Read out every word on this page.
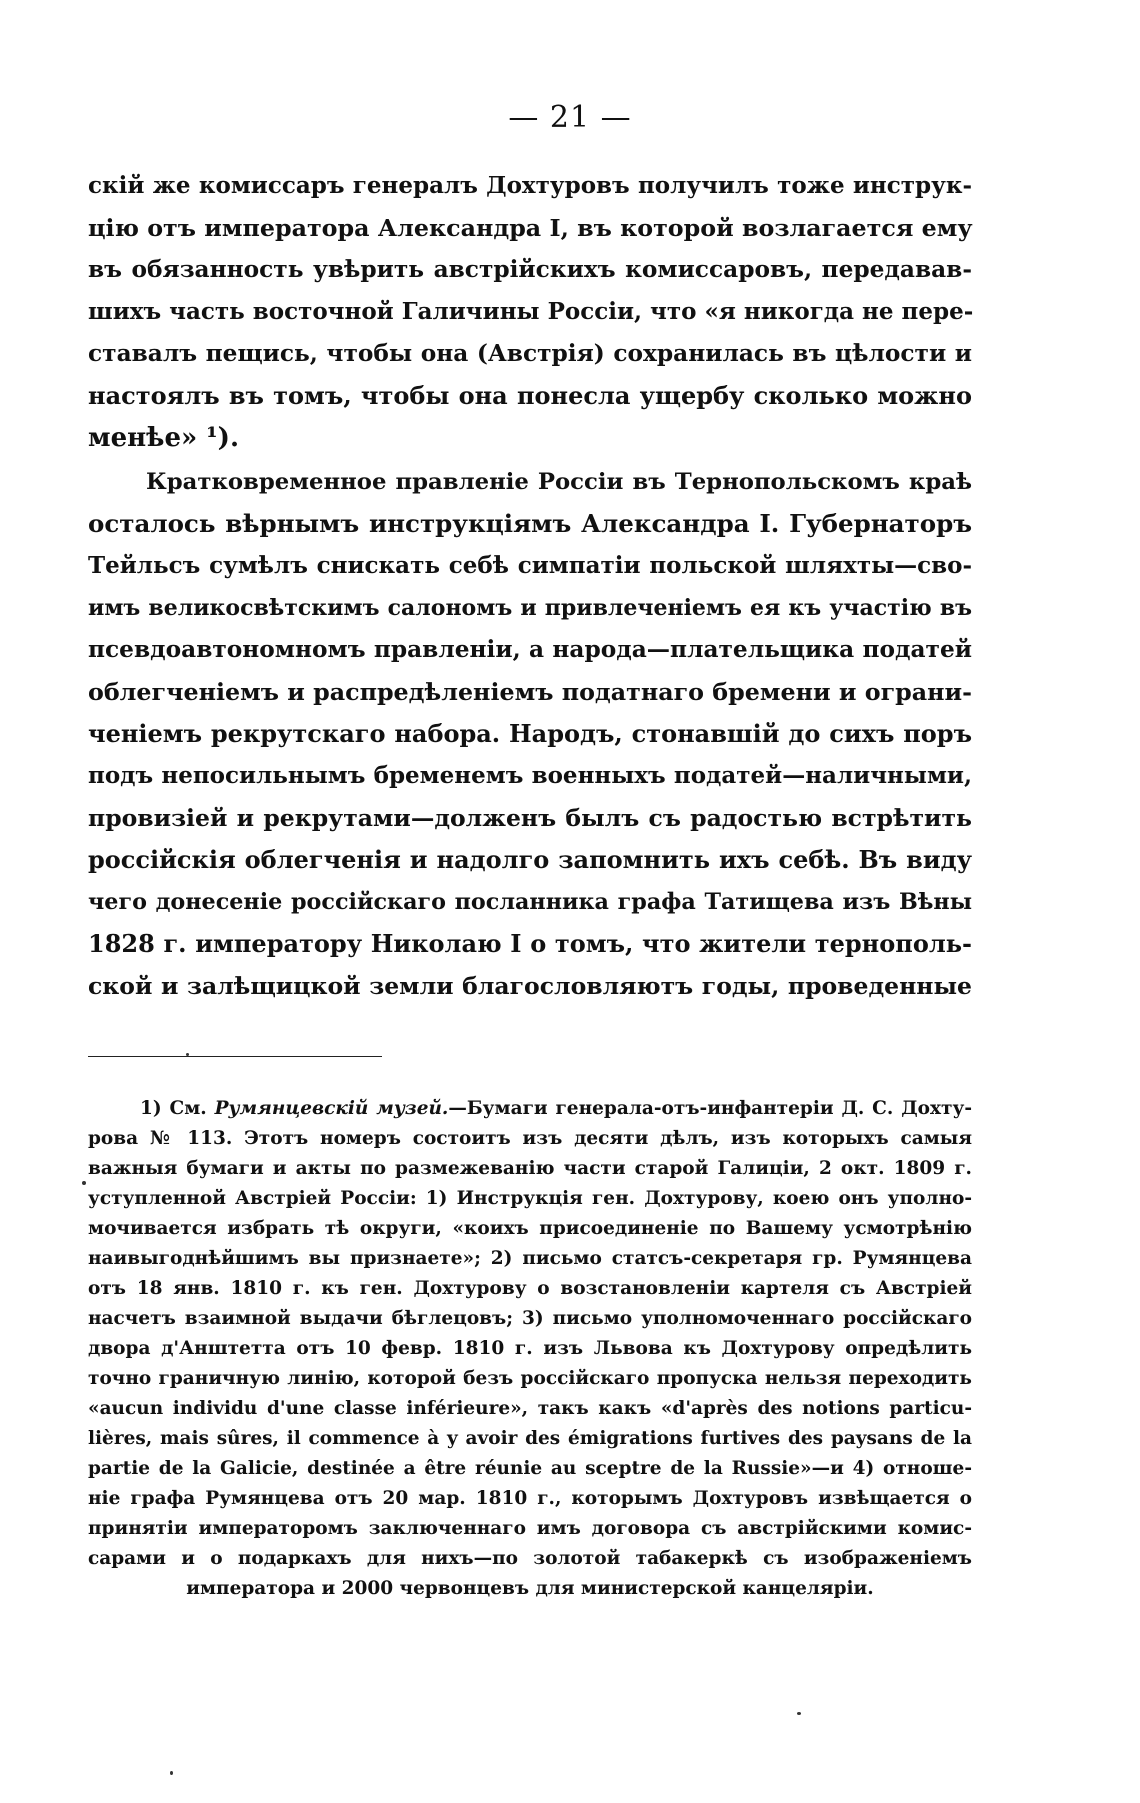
— 21 —
скій же комиссаръ генералъ Дохтуровъ получилъ тоже инструк-
цію отъ императора Александра I, въ которой возлагается ему
въ обязанность увѣрить австрійскихъ комиссаровъ, передавав-
шихъ часть восточной Галичины Россіи, что «я никогда не пере-
ставалъ пещись, чтобы она (Австрія) сохранилась въ цѣлости и
настоялъ въ томъ, чтобы она понесла ущербу сколько можно
менѣе» ¹).
Кратковременное правленіе Россіи въ Тернопольскомъ краѣ
осталось вѣрнымъ инструкціямъ Александра I. Губернаторъ
Тейльсъ сумѣлъ снискать себѣ симпатіи польской шляхты—сво-
имъ великосвѣтскимъ салономъ и привлеченіемъ ея къ участію въ
псевдоавтономномъ правленіи, а народа—плательщика податей
облегченіемъ и распредѣленіемъ податнаго бремени и ограни-
ченіемъ рекрутскаго набора. Народъ, стонавшій до сихъ поръ
подъ непосильнымъ бременемъ военныхъ податей—наличными,
провизіей и рекрутами—долженъ былъ съ радостью встрѣтить
россійскія облегченія и надолго запомнить ихъ себѣ. Въ виду
чего донесеніе россійскаго посланника графа Татищева изъ Вѣны
1828 г. императору Николаю I о томъ, что жители тернополь-
ской и залѣщицкой земли благословляютъ годы, проведенные
1) См. Румянцевскій музей.—Бумаги генерала-отъ-инфантеріи Д. С. Дохту-
рова № 113. Этотъ номеръ состоитъ изъ десяти дѣлъ, изъ которыхъ самыя
важныя бумаги и акты по размежеванію части старой Галиціи, 2 окт. 1809 г.
уступленной Австріей Россіи: 1) Инструкція ген. Дохтурову, коею онъ уполно-
мочивается избрать тѣ округи, «коихъ присоединеніе по Вашему усмотрѣнію
наивыгоднѣйшимъ вы признаете»; 2) письмо статсъ-секретаря гр. Румянцева
отъ 18 янв. 1810 г. къ ген. Дохтурову о возстановленіи картеля съ Австріей
насчетъ взаимной выдачи бѣглецовъ; 3) письмо уполномоченнаго россійскаго
двора д'Анштетта отъ 10 февр. 1810 г. изъ Львова къ Дохтурову опредѣлить
точно граничную линію, которой безъ россійскаго пропуска нельзя переходить
«aucun individu d'une classe inférieure», такъ какъ «d'après des notions particu-
lières, mais sûres, il commence à y avoir des émigrations furtives des paysans de la
partie de la Galicie, destinée a être réunie au sceptre de la Russie»—и 4) отноше-
ніе графа Румянцева отъ 20 мар. 1810 г., которымъ Дохтуровъ извѣщается о
принятіи императоромъ заключеннаго имъ договора съ австрійскими комис-
сарами и о подаркахъ для нихъ—по золотой табакеркѣ съ изображеніемъ
императора и 2000 червонцевъ для министерской канцеляріи.
